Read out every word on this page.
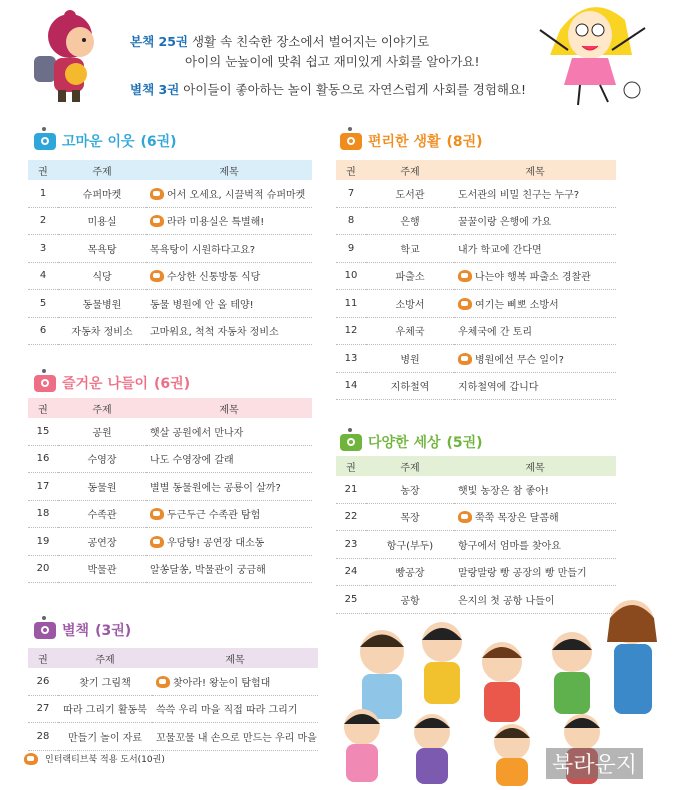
본책 25권 생활 속 친숙한 장소에서 벌어지는 이야기로
아이의 눈높이에 맞춰 쉽고 재미있게 사회를 알아가요!
별책 3권 아이들이 좋아하는 놀이 활동으로 자연스럽게 사회를 경험해요!
고마운 이웃 (6권)
권	주제	제목
1	슈퍼마켓	어서 오세요, 시끌벅적 슈퍼마켓
2	미용실	라라 미용실은 특별해!
3	목욕탕	목욕탕이 시원하다고요?
4	식당	수상한 신통방통 식당
5	동물병원	동물 병원에 안 올 테양!
6	자동차 정비소	고마워요, 척척 자동차 정비소
편리한 생활 (8권)
권	주제	제목
7	도서관	도서관의 비밀 친구는 누구?
8	은행	꿀꿀이랑 은행에 가요
9	학교	내가 학교에 간다면
10	파출소	나는야 행복 파출소 경찰관
11	소방서	여기는 삐뽀 소방서
12	우체국	우체국에 간 토리
13	병원	병원에선 무슨 일이?
14	지하철역	지하철역에 갑니다
즐거운 나들이 (6권)
권	주제	제목
15	공원	햇살 공원에서 만나자
16	수영장	나도 수영장에 갈래
17	동물원	별별 동물원에는 공룡이 살까?
18	수족관	두근두근 수족관 탐험
19	공연장	우당탕! 공연장 대소동
20	박물관	알쏭달쏭, 박물관이 궁금해
다양한 세상 (5권)
권	주제	제목
21	농장	햇빛 농장은 참 좋아!
22	목장	쭉쭉 목장은 달콤해
23	항구(부두)	항구에서 엄마를 찾아요
24	빵공장	말랑말랑 빵 공장의 빵 만들기
25	공항	은지의 첫 공항 나들이
별책 (3권)
권	주제	제목
26	찾기 그림책	찾아라! 왕눈이 탐험대
27	따라 그리기 활동북	쓱쓱 우리 마을 직접 따라 그리기
28	만들기 놀이 자료	꼬물꼬물 내 손으로 만드는 우리 마을
인터랙티브북 적용 도서(10권)	북라운지
